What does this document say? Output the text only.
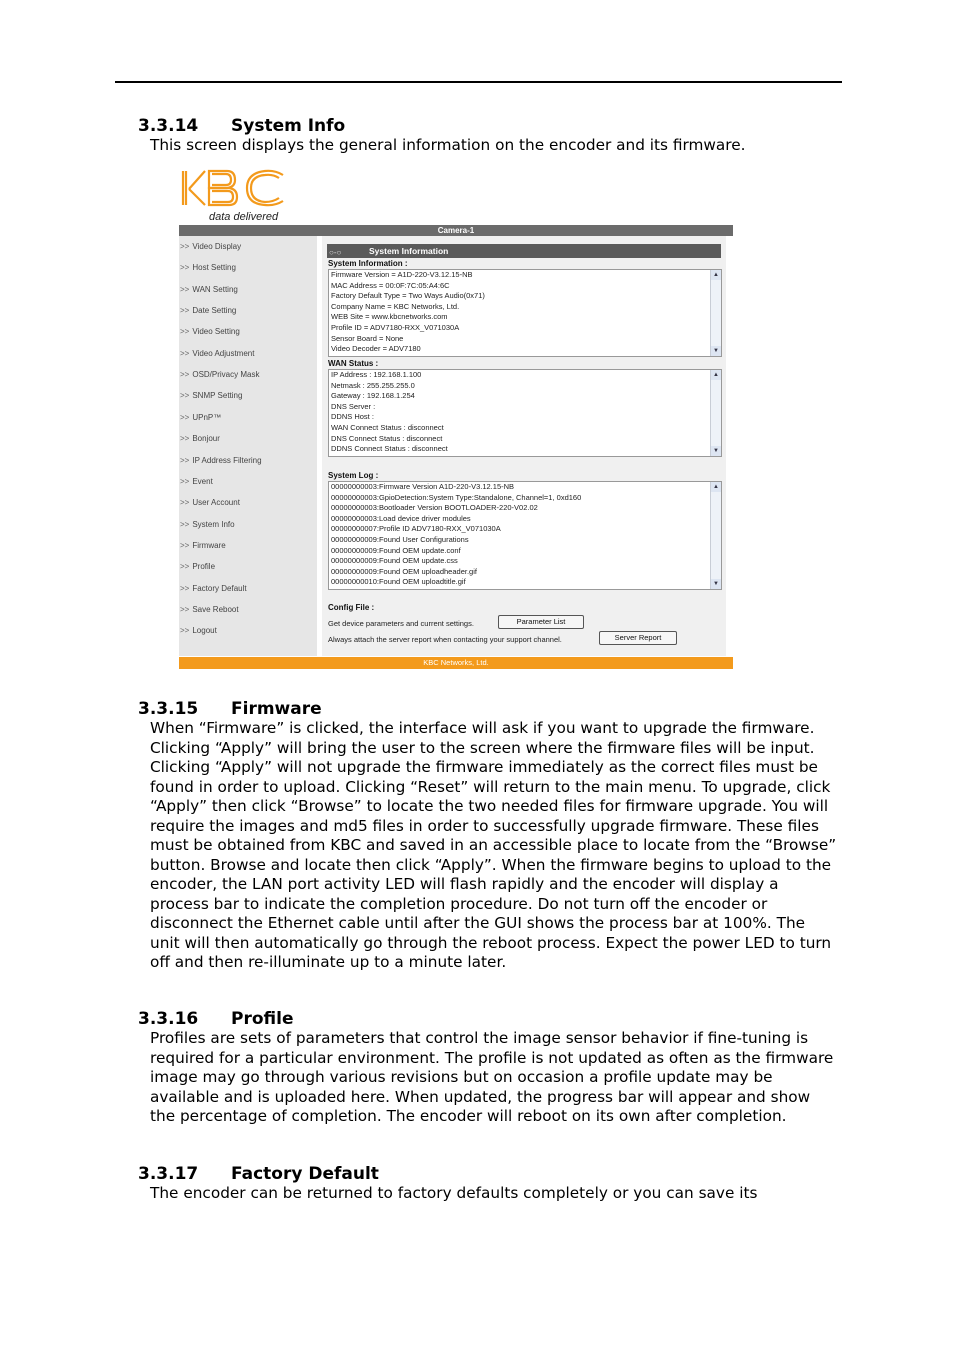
3.3.14 System Info

This screen displays the general information on the encoder and its firmware.

data delivered
Camera-1
>> Video Display
>> Host Setting
>> WAN Setting
>> Date Setting
>> Video Setting
>> Video Adjustment
>> OSD/Privacy Mask
>> SNMP Setting
>> UPnP™
>> Bonjour
>> IP Address Filtering
>> Event
>> User Account
>> System Info
>> Firmware
>> Profile
>> Factory Default
>> Save Reboot
>> Logout
○-○	System Information
System Information :
▲
▼
Firmware Version = A1D-220-V3.12.15-NB
MAC Address = 00:0F:7C:05:A4:6C
Factory Default Type = Two Ways Audio(0x71)
Company Name = KBC Networks, Ltd.
WEB Site = www.kbcnetworks.com
Profile ID = ADV7180-RXX_V071030A
Sensor Board = None
Video Decoder = ADV7180
WAN Status :
▲
▼
IP Address : 192.168.1.100
Netmask : 255.255.255.0
Gateway : 192.168.1.254
DNS Server :
DDNS Host :
WAN Connect Status : disconnect
DNS Connect Status : disconnect
DDNS Connect Status : disconnect
System Log :
▲
▼
00000000003:Firmware Version A1D-220-V3.12.15-NB
00000000003:GpioDetection:System Type:Standalone, Channel=1, 0xd160
00000000003:Bootloader Version BOOTLOADER-220-V02.02
00000000003:Load device driver modules
00000000007:Profile ID ADV7180-RXX_V071030A
00000000009:Found User Configurations
00000000009:Found OEM update.conf
00000000009:Found OEM update.css
00000000009:Found OEM uploadheader.gif
00000000010:Found OEM uploadtitle.gif
Config File :
Get device parameters and current settings.	Parameter List
Always attach the server report when contacting your support channel.	Server Report
KBC Networks, Ltd.

3.3.15 Firmware

When “Firmware” is clicked, the interface will ask if you want to upgrade the firmware. Clicking “Apply” will bring the user to the screen where the firmware files will be input. Clicking “Apply” will not upgrade the firmware immediately as the correct files must be found in order to upload. Clicking “Reset” will return to the main menu. To upgrade, click “Apply” then click “Browse” to locate the two needed files for firmware upgrade. You will require the images and md5 files in order to successfully upgrade firmware. These files must be obtained from KBC and saved in an accessible place to locate from the “Browse” button. Browse and locate then click “Apply”. When the firmware begins to upload to the encoder, the LAN port activity LED will flash rapidly and the encoder will display a process bar to indicate the completion procedure. Do not turn off the encoder or disconnect the Ethernet cable until after the GUI shows the process bar at 100%. The unit will then automatically go through the reboot process. Expect the power LED to turn off and then re-illuminate up to a minute later.

3.3.16 Profile

Profiles are sets of parameters that control the image sensor behavior if fine-tuning is required for a particular environment. The profile is not updated as often as the firmware image may go through various revisions but on occasion a profile update may be available and is uploaded here. When updated, the progress bar will appear and show the percentage of completion. The encoder will reboot on its own after completion.

3.3.17 Factory Default

The encoder can be returned to factory defaults completely or you can save its
